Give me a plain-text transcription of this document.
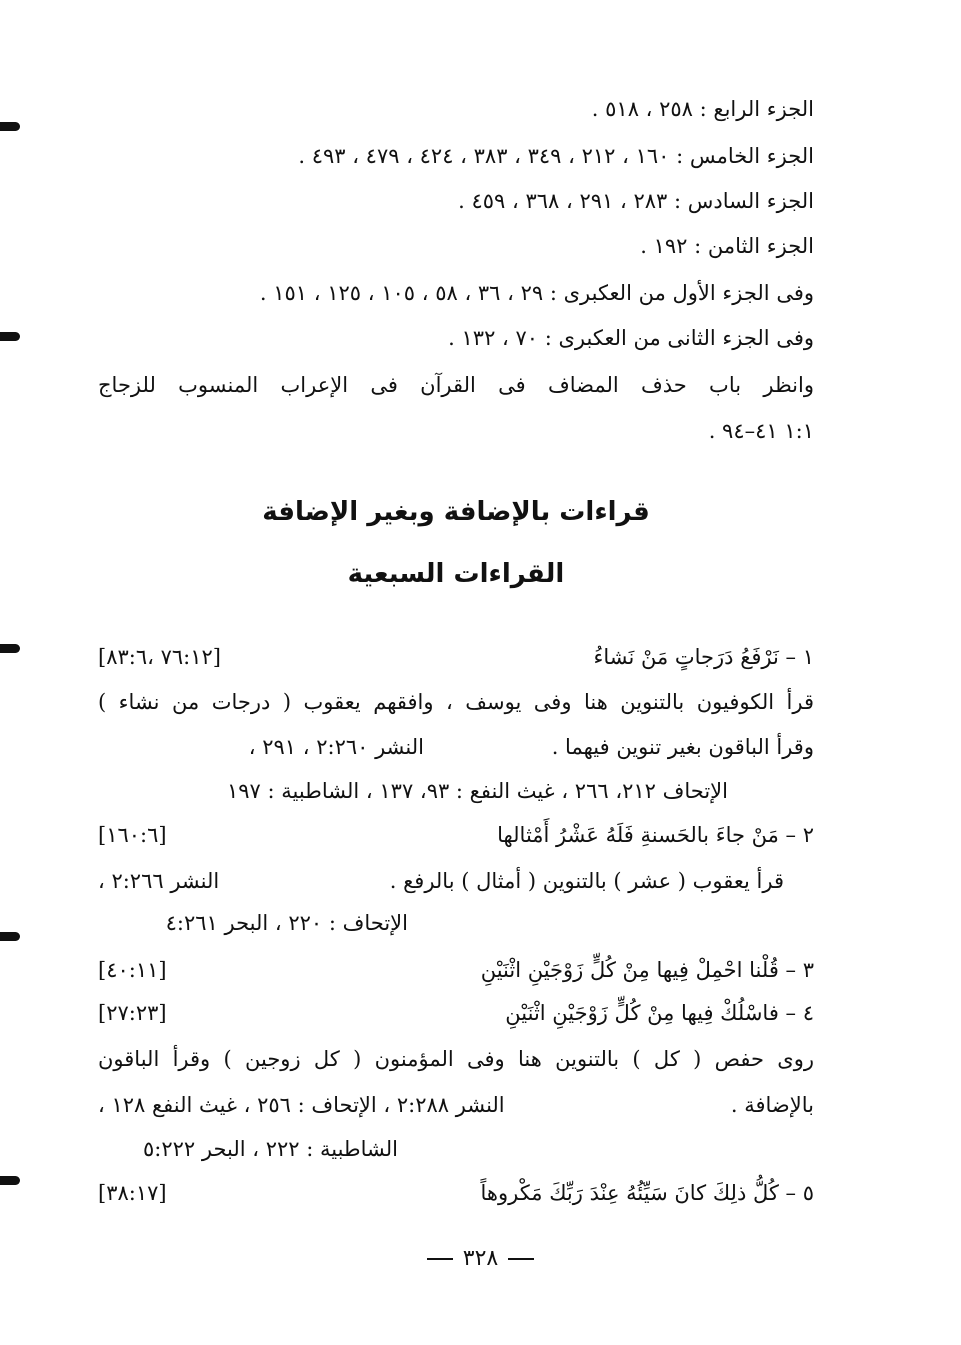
الجزء الرابع : ٢٥٨ ، ٥١٨ .
الجزء الخامس : ١٦٠ ، ٢١٢ ، ٣٤٩ ، ٣٨٣ ، ٤٢٤ ، ٤٧٩ ، ٤٩٣ .
الجزء السادس : ٢٨٣ ، ٢٩١ ، ٣٦٨ ، ٤٥٩ .
الجزء الثامن : ١٩٢ .
وفى الجزء الأول من العكبرى : ٢٩ ، ٣٦ ، ٥٨ ، ١٠٥ ، ١٢٥ ، ١٥١ .
وفى الجزء الثانى من العكبرى : ٧٠ ، ١٣٢ .
وانظر باب حذف المضاف فى القرآن فى الإعراب المنسوب للزجاج
١:١ ٤١–٩٤ .
قراءات بالإضافة وبغير الإضافة
القراءات السبعية
١ – نَرْفَعُ دَرَجاتٍ مَنْ نَشاءُ
[٧٦:١٢ ،٨٣:٦]
قرأ الكوفيون بالتنوين هنا وفى يوسف ، وافقهم يعقوب ( درجات من نشاء )
وقرأ الباقون بغير تنوين فيهما .
النشر ٢:٢٦٠ ، ٢٩١ ،
الإتحاف ٢١٢، ٢٦٦ ، غيث النفع : ٩٣، ١٣٧ ، الشاطبية : ١٩٧
٢ – مَنْ جاءَ بالحَسنةِ فَلَهُ عَشْرُ أَمْثالها
[١٦٠:٦]
قرأ يعقوب ( عشر ) بالتنوين ( أمثال ) بالرفع .
النشر ٢:٢٦٦ ،
الإتحاف : ٢٢٠ ، البحر ٤:٢٦١
٣ – قُلْنا احْمِلْ فِيها مِنْ كُلٍّ زَوْجَيْنِ اثْنَيْنِ
[٤٠:١١]
٤ – فاسْلُكْ فِيها مِنْ كُلٍّ زَوْجَيْنِ اثْنَيْنِ
[٢٧:٢٣]
روى حفص ( كل ) بالتنوين هنا وفى المؤمنون ( كل زوجين ) وقرأ الباقون
بالإضافة .
النشر ٢:٢٨٨ ، الإتحاف : ٢٥٦ ، غيث النفع ١٢٨ ،
الشاطبية : ٢٢٢ ، البحر ٥:٢٢٢
٥ – كُلُّ ذلِكَ كانَ سَيِّئُهُ عِنْدَ رَبِّكَ مَكْروهاً
[٣٨:١٧]
٣٢٨
